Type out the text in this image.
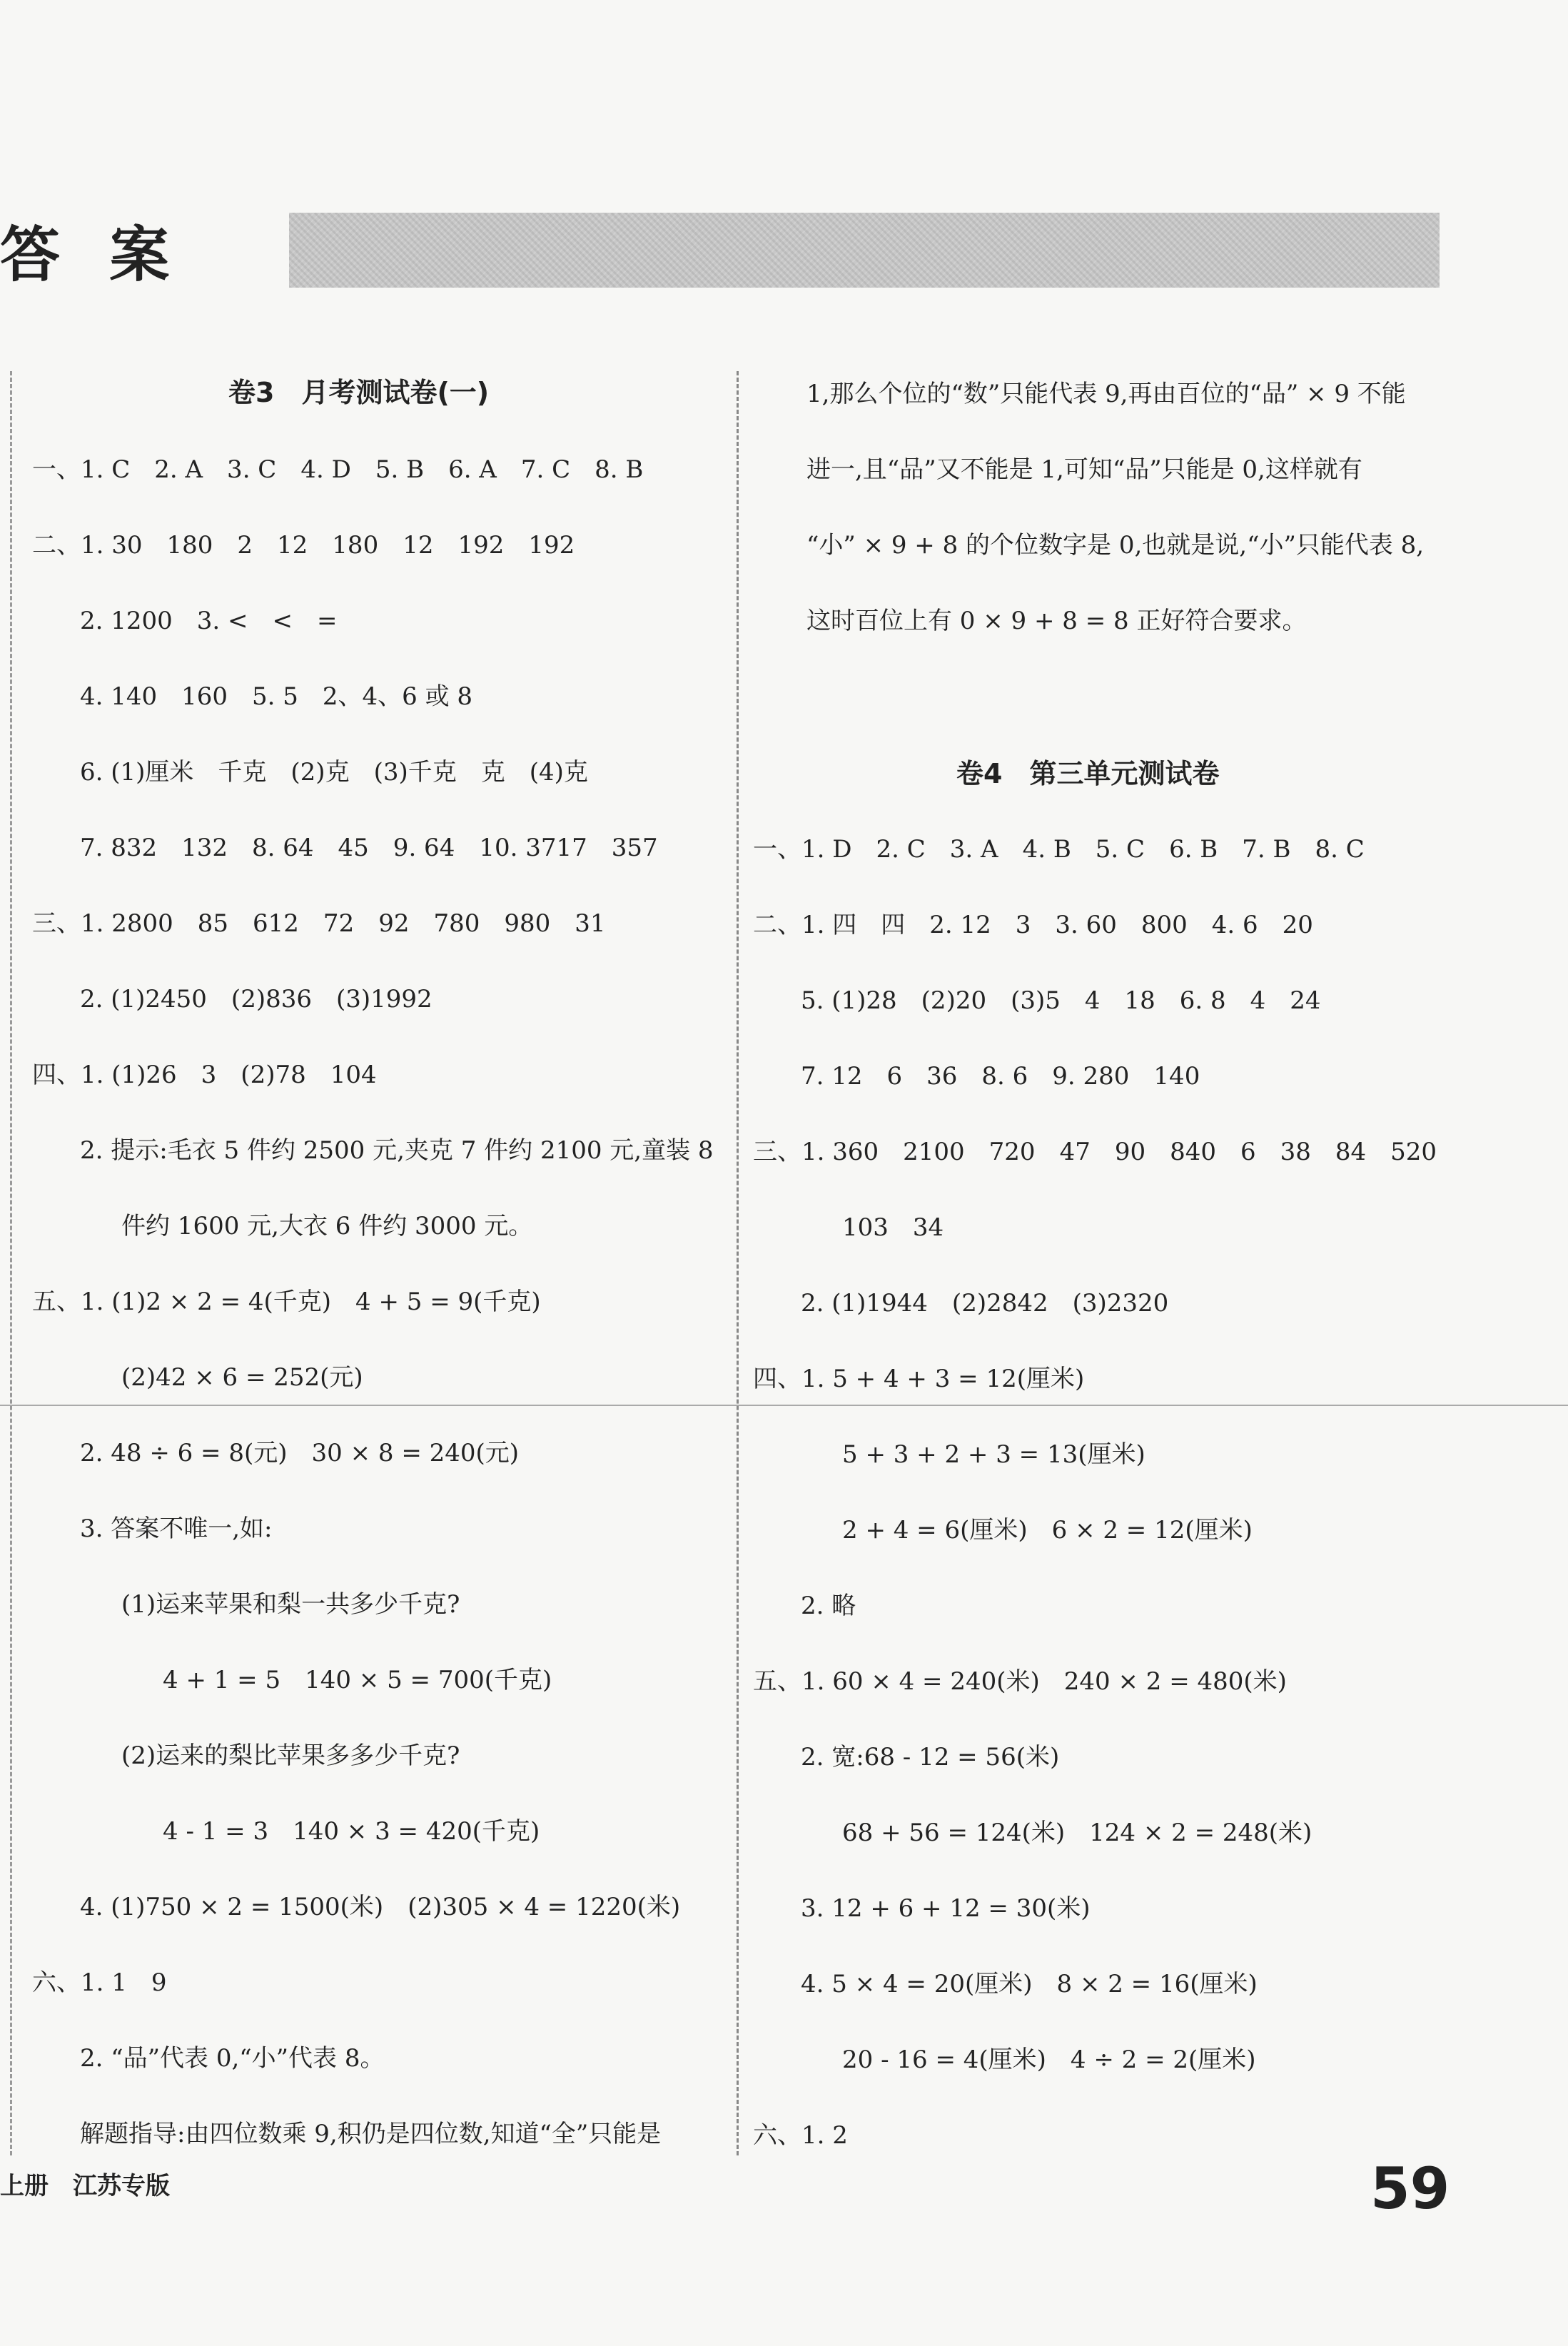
答 案
卷3　月考测试卷(一)
一、1. C　2. A　3. C　4. D　5. B　6. A　7. C　8. B
二、1. 30　180　2　12　180　12　192　192
2. 1200　3. <　<　=
4. 140　160　5. 5　2、4、6 或 8
6. (1)厘米　千克　(2)克　(3)千克　克　(4)克
7. 832　132　8. 64　45　9. 64　10. 3717　357
三、1. 2800　85　612　72　92　780　980　31
2. (1)2450　(2)836　(3)1992
四、1. (1)26　3　(2)78　104
2. 提示:毛衣 5 件约 2500 元,夹克 7 件约 2100 元,童装 8
件约 1600 元,大衣 6 件约 3000 元。
五、1. (1)2 × 2 = 4(千克)　4 + 5 = 9(千克)
(2)42 × 6 = 252(元)
2. 48 ÷ 6 = 8(元)　30 × 8 = 240(元)
3. 答案不唯一,如:
(1)运来苹果和梨一共多少千克?
4 + 1 = 5　140 × 5 = 700(千克)
(2)运来的梨比苹果多多少千克?
4 - 1 = 3　140 × 3 = 420(千克)
4. (1)750 × 2 = 1500(米)　(2)305 × 4 = 1220(米)
六、1. 1　9
2. “品”代表 0,“小”代表 8。
解题指导:由四位数乘 9,积仍是四位数,知道“全”只能是
1,那么个位的“数”只能代表 9,再由百位的“品” × 9 不能
进一,且“品”又不能是 1,可知“品”只能是 0,这样就有
“小” × 9 + 8 的个位数字是 0,也就是说,“小”只能代表 8,
这时百位上有 0 × 9 + 8 = 8 正好符合要求。
卷4　第三单元测试卷
一、1. D　2. C　3. A　4. B　5. C　6. B　7. B　8. C
二、1. 四　四　2. 12　3　3. 60　800　4. 6　20
5. (1)28　(2)20　(3)5　4　18　6. 8　4　24
7. 12　6　36　8. 6　9. 280　140
三、1. 360　2100　720　47　90　840　6　38　84　520
103　34
2. (1)1944　(2)2842　(3)2320
四、1. 5 + 4 + 3 = 12(厘米)
5 + 3 + 2 + 3 = 13(厘米)
2 + 4 = 6(厘米)　6 × 2 = 12(厘米)
2. 略
五、1. 60 × 4 = 240(米)　240 × 2 = 480(米)
2. 宽:68 - 12 = 56(米)
68 + 56 = 124(米)　124 × 2 = 248(米)
3. 12 + 6 + 12 = 30(米)
4. 5 × 4 = 20(厘米)　8 × 2 = 16(厘米)
20 - 16 = 4(厘米)　4 ÷ 2 = 2(厘米)
六、1. 2
上册　江苏专版	59
